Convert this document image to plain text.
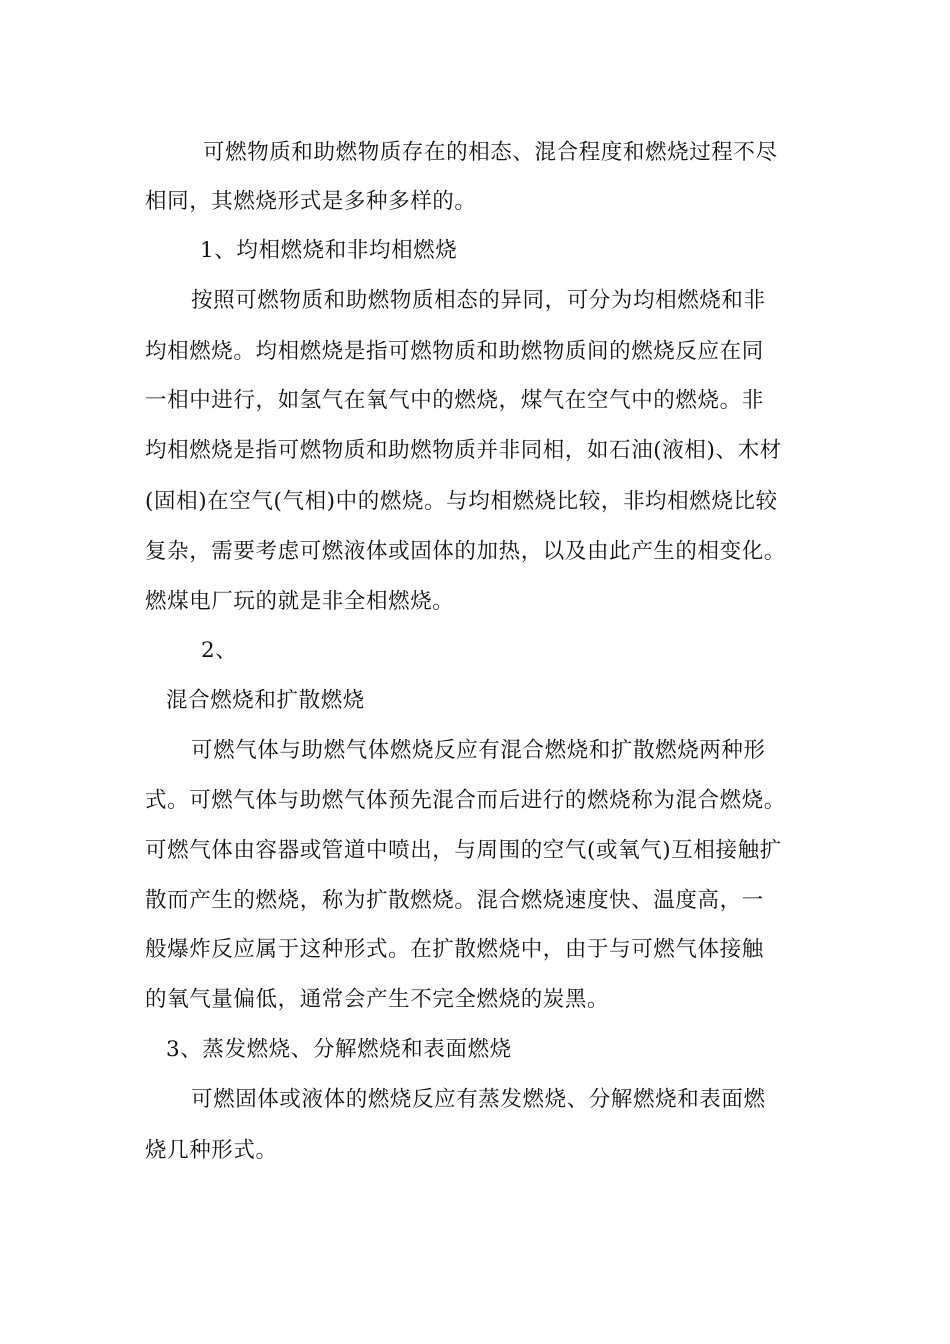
可燃物质和助燃物质存在的相态、混合程度和燃烧过程不尽
相同，其燃烧形式是多种多样的。
1、均相燃烧和非均相燃烧
按照可燃物质和助燃物质相态的异同，可分为均相燃烧和非
均相燃烧。均相燃烧是指可燃物质和助燃物质间的燃烧反应在同
一相中进行，如氢气在氧气中的燃烧，煤气在空气中的燃烧。非
均相燃烧是指可燃物质和助燃物质并非同相，如石油(液相)、木材
(固相)在空气(气相)中的燃烧。与均相燃烧比较，非均相燃烧比较
复杂，需要考虑可燃液体或固体的加热，以及由此产生的相变化。
燃煤电厂玩的就是非全相燃烧。
2、
混合燃烧和扩散燃烧
可燃气体与助燃气体燃烧反应有混合燃烧和扩散燃烧两种形
式。可燃气体与助燃气体预先混合而后进行的燃烧称为混合燃烧。
可燃气体由容器或管道中喷出，与周围的空气(或氧气)互相接触扩
散而产生的燃烧，称为扩散燃烧。混合燃烧速度快、温度高，一
般爆炸反应属于这种形式。在扩散燃烧中，由于与可燃气体接触
的氧气量偏低，通常会产生不完全燃烧的炭黑。
3、蒸发燃烧、分解燃烧和表面燃烧
可燃固体或液体的燃烧反应有蒸发燃烧、分解燃烧和表面燃
烧几种形式。
